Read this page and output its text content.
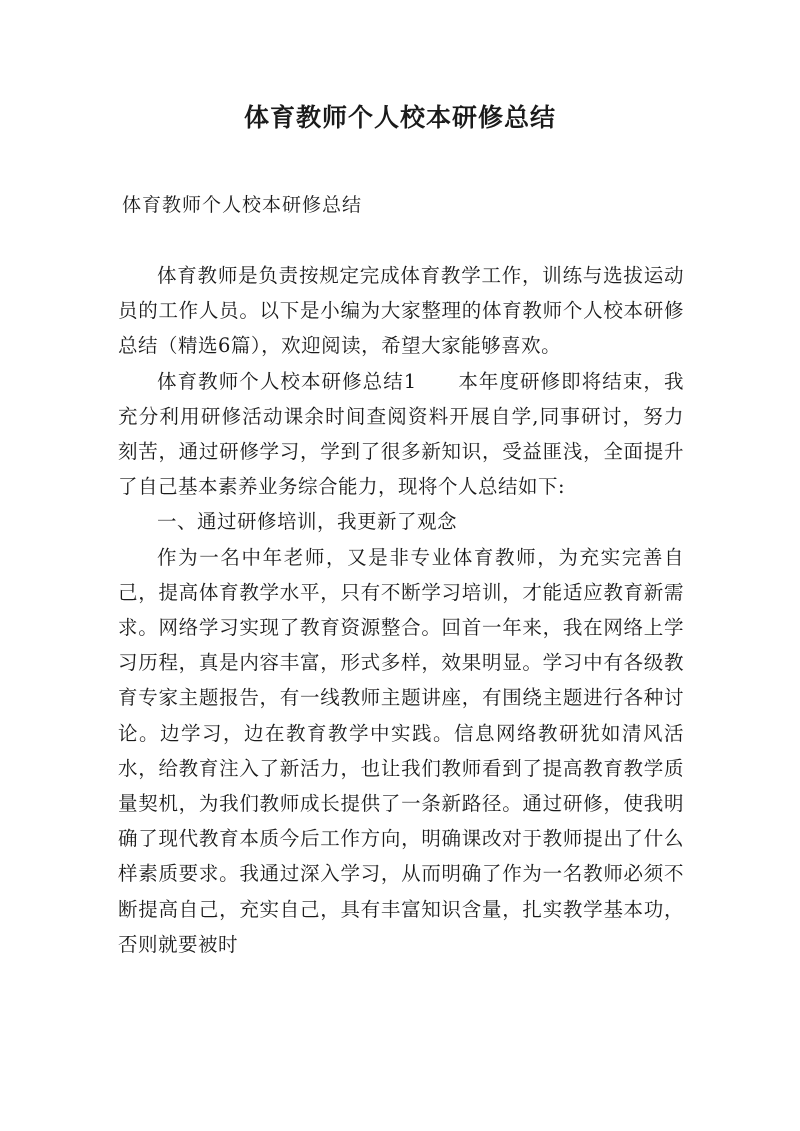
体育教师个人校本研修总结
体育教师个人校本研修总结

体育教师是负责按规定完成体育教学工作，训练与选拔运动员的工作人员。以下是小编为大家整理的体育教师个人校本研修总结（精选6篇），欢迎阅读，希望大家能够喜欢。

体育教师个人校本研修总结1　　本年度研修即将结束，我充分利用研修活动课余时间查阅资料开展自学,同事研讨，努力刻苦，通过研修学习，学到了很多新知识，受益匪浅，全面提升了自己基本素养业务综合能力，现将个人总结如下:

一、通过研修培训，我更新了观念

作为一名中年老师，又是非专业体育教师，为充实完善自己，提高体育教学水平，只有不断学习培训，才能适应教育新需求。网络学习实现了教育资源整合。回首一年来，我在网络上学习历程，真是内容丰富，形式多样，效果明显。学习中有各级教育专家主题报告，有一线教师主题讲座，有围绕主题进行各种讨论。边学习，边在教育教学中实践。信息网络教研犹如清风活水，给教育注入了新活力，也让我们教师看到了提高教育教学质量契机，为我们教师成长提供了一条新路径。通过研修，使我明确了现代教育本质今后工作方向，明确课改对于教师提出了什么样素质要求。我通过深入学习，从而明确了作为一名教师必须不断提高自己，充实自己，具有丰富知识含量，扎实教学基本功，否则就要被时
